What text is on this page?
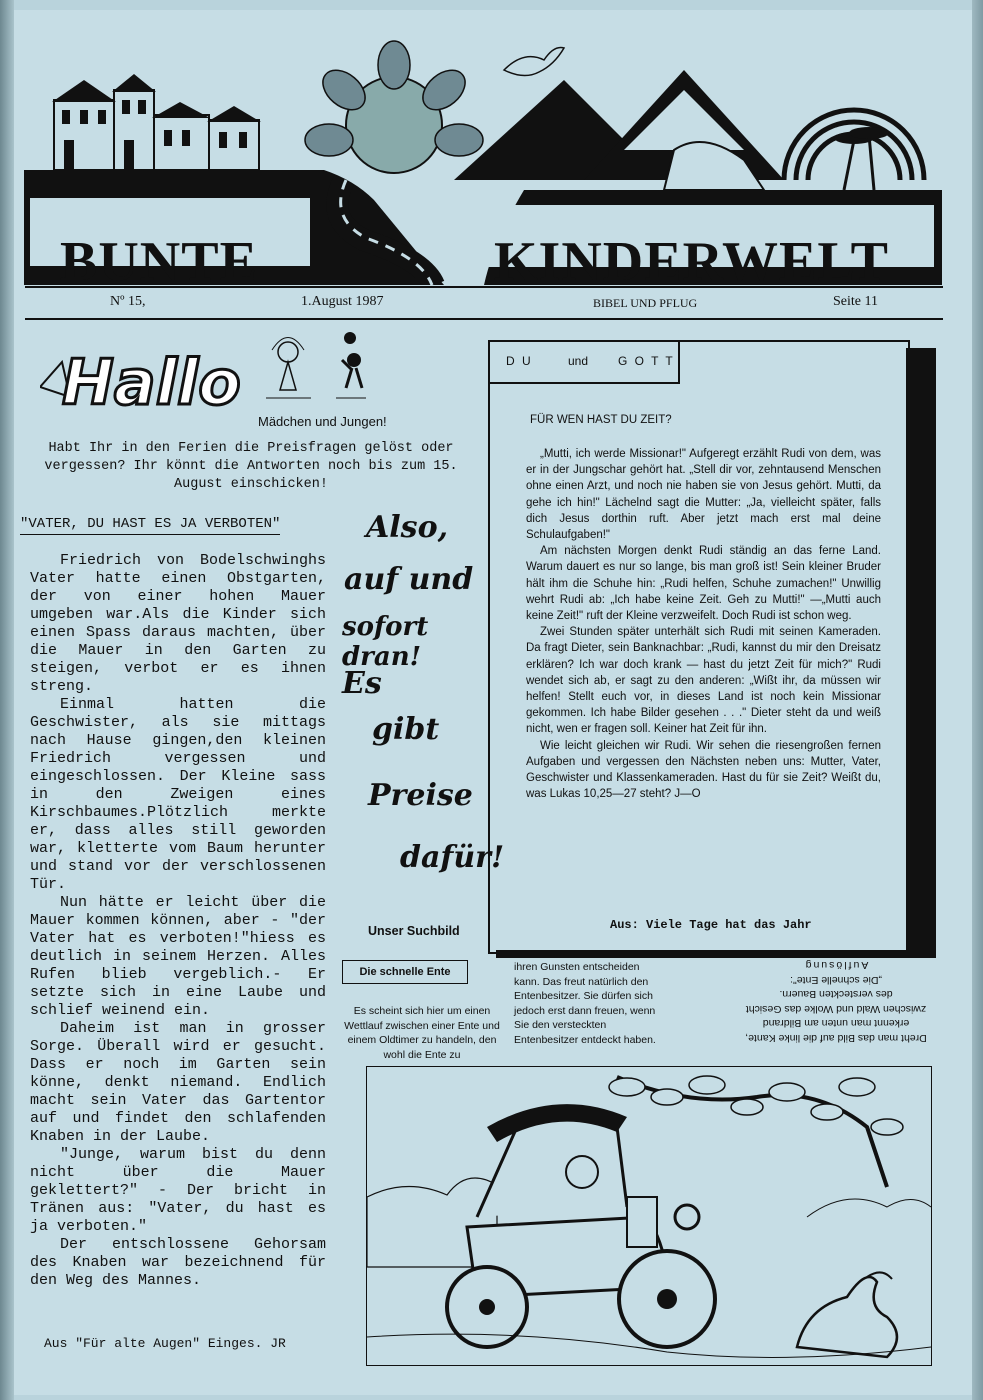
BUNTE	KINDERWELT
Nº 15,	1.August 1987	BIBEL UND PFLUG	Seite 11
Hallo
Mädchen und Jungen!
Habt Ihr in den Ferien die Preisfragen gelöst oder vergessen? Ihr könnt die Antworten noch bis zum 15. August einschicken!
"VATER, DU HAST ES JA VERBOTEN"

Friedrich von Bodelschwinghs Vater hatte einen Obstgarten, der von einer hohen Mauer umgeben war.Als die Kinder sich einen Spass daraus machten, über die Mauer in den Garten zu steigen, verbot er es ihnen streng.

Einmal hatten die Geschwister, als sie mittags nach Hause gingen,den kleinen Friedrich vergessen und eingeschlossen. Der Kleine sass in den Zweigen eines Kirschbaumes.Plötzlich merkte er, dass alles still geworden war, kletterte vom Baum herunter und stand vor der verschlossenen Tür.

Nun hätte er leicht über die Mauer kommen können, aber - "der Vater hat es verboten!"hiess es deutlich in seinem Herzen. Alles Rufen blieb vergeblich.- Er setzte sich in eine Laube und schlief weinend ein.

Daheim ist man in grosser Sorge. Überall wird er gesucht. Dass er noch im Garten sein könne, denkt niemand. Endlich macht sein Vater das Gartentor auf und findet den schlafenden Knaben in der Laube.

"Junge, warum bist du denn nicht über die Mauer geklettert?" - Der bricht in Tränen aus: "Vater, du hast es ja verboten."

Der entschlossene Gehorsam des Knaben war bezeichnend für den Weg des Mannes.

Aus "Für alte Augen" Einges. JR
Also,
auf und
sofort dran!
Es
gibt
Preise
dafür!
D U	und G O T T
FÜR WEN HAST DU ZEIT?

„Mutti, ich werde Missionar!" Aufgeregt erzählt Rudi von dem, was er in der Jungschar gehört hat. „Stell dir vor, zehntausend Menschen ohne einen Arzt, und noch nie haben sie von Jesus gehört. Mutti, da gehe ich hin!" Lächelnd sagt die Mutter: „Ja, vielleicht später, falls dich Jesus dorthin ruft. Aber jetzt mach erst mal deine Schulaufgaben!"

Am nächsten Morgen denkt Rudi ständig an das ferne Land. Warum dauert es nur so lange, bis man groß ist! Sein kleiner Bruder hält ihm die Schuhe hin: „Rudi helfen, Schuhe zumachen!" Unwillig wehrt Rudi ab: „Ich habe keine Zeit. Geh zu Mutti!" —„Mutti auch keine Zeit!" ruft der Kleine verzweifelt. Doch Rudi ist schon weg.

Zwei Stunden später unterhält sich Rudi mit seinen Kameraden. Da fragt Dieter, sein Banknachbar: „Rudi, kannst du mir den Dreisatz erklären? Ich war doch krank — hast du jetzt Zeit für mich?" Rudi wendet sich ab, er sagt zu den anderen: „Wißt ihr, da müssen wir helfen! Stellt euch vor, in dieses Land ist noch kein Missionar gekommen. Ich habe Bilder gesehen . . ." Dieter steht da und weiß nicht, wen er fragen soll. Keiner hat Zeit für ihn.

Wie leicht gleichen wir Rudi. Wir sehen die riesengroßen fernen Aufgaben und vergessen den Nächsten neben uns: Mutter, Vater, Geschwister und Klassenkameraden. Hast du für sie Zeit? Weißt du, was Lukas 10,25—27 steht? J—O

Aus: Viele Tage hat das Jahr
Unser Suchbild
Die schnelle Ente
Es scheint sich hier um einen Wettlauf zwischen einer Ente und einem Oldtimer zu handeln, den wohl die Ente zu
ihren Gunsten entscheiden kann. Das freut natürlich den Entenbesitzer. Sie dürfen sich jedoch erst dann freuen, wenn Sie den versteckten Entenbesitzer entdeckt haben.	Dreht man das Bild auf die linke Kante, erkennt man unten am Bildrand zwischen Wald und Wolke das Gesicht des versteckten Bauern.
„Die schnelle Ente":
Auflösung
